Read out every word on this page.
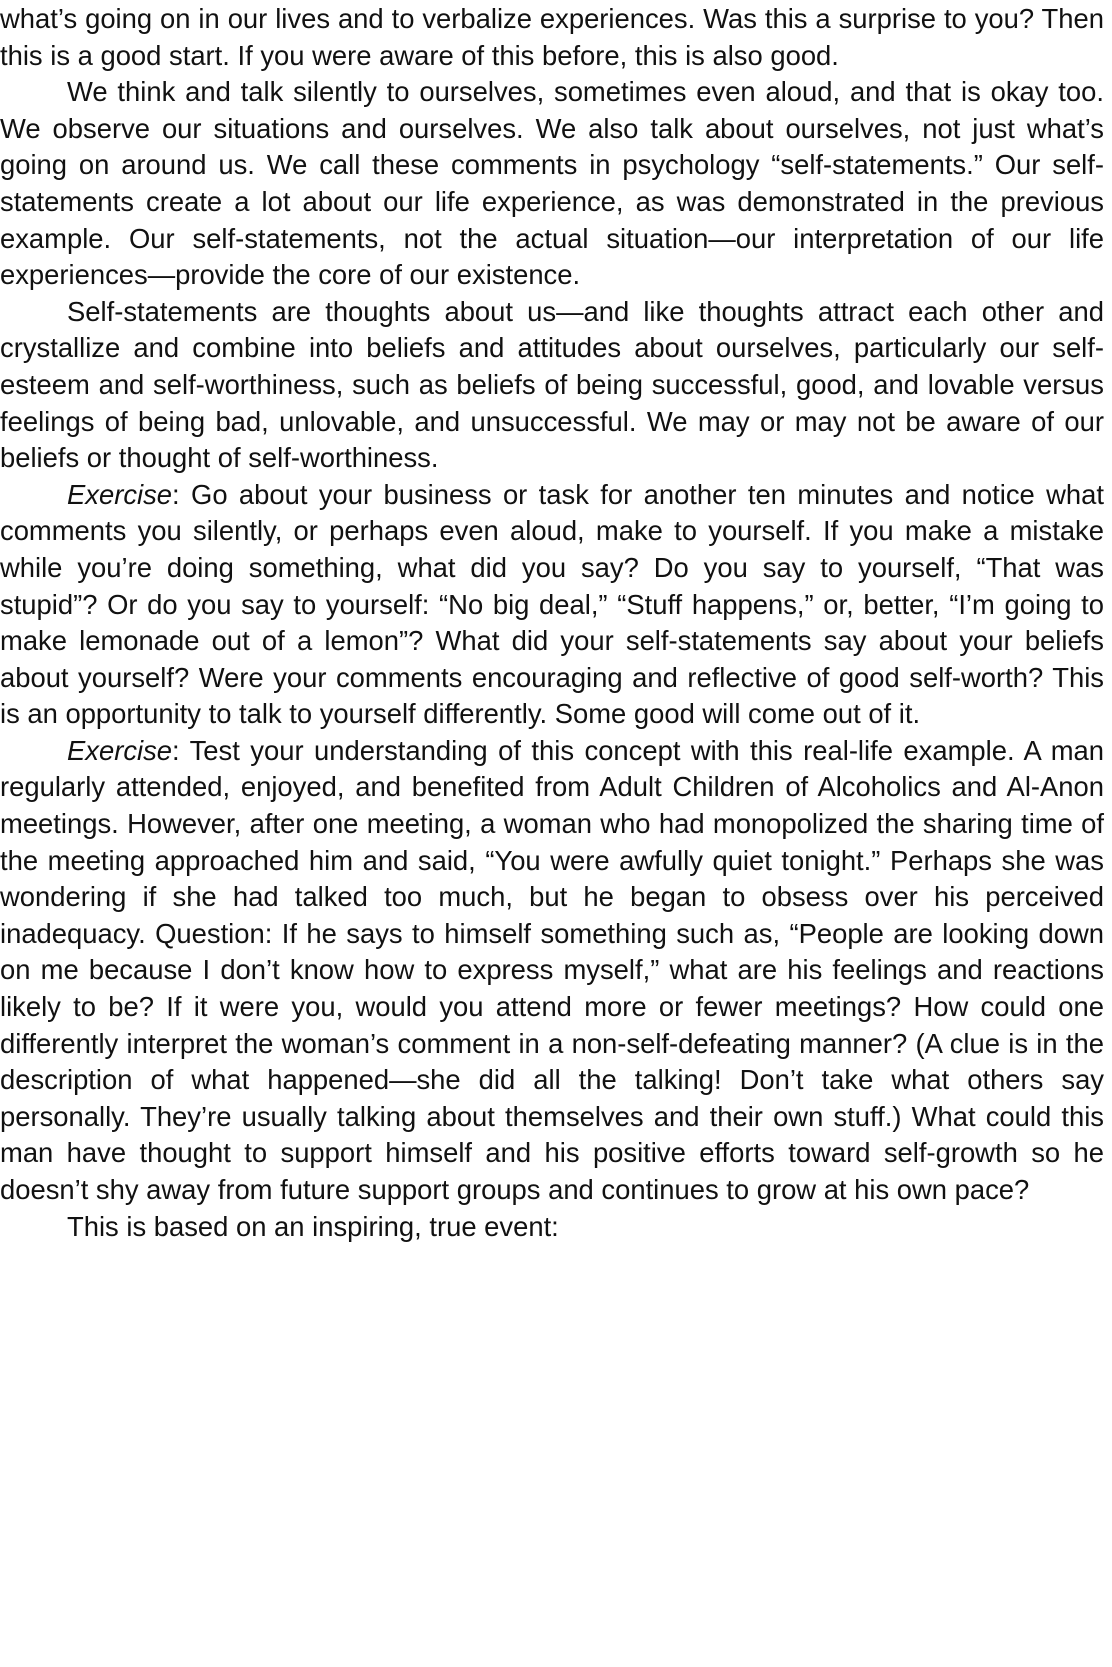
what’s going on in our lives and to verbalize experiences. Was this a surprise to you? Then this is a good start. If you were aware of this before, this is also good.

We think and talk silently to ourselves, sometimes even aloud, and that is okay too. We observe our situations and ourselves. We also talk about ourselves, not just what’s going on around us. We call these comments in psychology “self-statements.” Our self-statements create a lot about our life experience, as was demonstrated in the previous example. Our self-statements, not the actual situation—our interpretation of our life experiences—provide the core of our existence.

Self-statements are thoughts about us—and like thoughts attract each other and crystallize and combine into beliefs and attitudes about ourselves, particularly our self-esteem and self-worthiness, such as beliefs of being successful, good, and lovable versus feelings of being bad, unlovable, and unsuccessful. We may or may not be aware of our beliefs or thought of self-worthiness.

Exercise: Go about your business or task for another ten minutes and notice what comments you silently, or perhaps even aloud, make to yourself. If you make a mistake while you’re doing something, what did you say? Do you say to yourself, “That was stupid”? Or do you say to yourself: “No big deal,” “Stuff happens,” or, better, “I’m going to make lemonade out of a lemon”? What did your self-statements say about your beliefs about yourself? Were your comments encouraging and reflective of good self-worth? This is an opportunity to talk to yourself differently. Some good will come out of it.

Exercise: Test your understanding of this concept with this real-life example. A man regularly attended, enjoyed, and benefited from Adult Children of Alcoholics and Al-Anon meetings. However, after one meeting, a woman who had monopolized the sharing time of the meeting approached him and said, “You were awfully quiet tonight.” Perhaps she was wondering if she had talked too much, but he began to obsess over his perceived inadequacy. Question: If he says to himself something such as, “People are looking down on me because I don’t know how to express myself,” what are his feelings and reactions likely to be? If it were you, would you attend more or fewer meetings? How could one differently interpret the woman’s comment in a non-self-defeating manner? (A clue is in the description of what happened—she did all the talking! Don’t take what others say personally. They’re usually talking about themselves and their own stuff.) What could this man have thought to support himself and his positive efforts toward self-growth so he doesn’t shy away from future support groups and continues to grow at his own pace?

This is based on an inspiring, true event:
